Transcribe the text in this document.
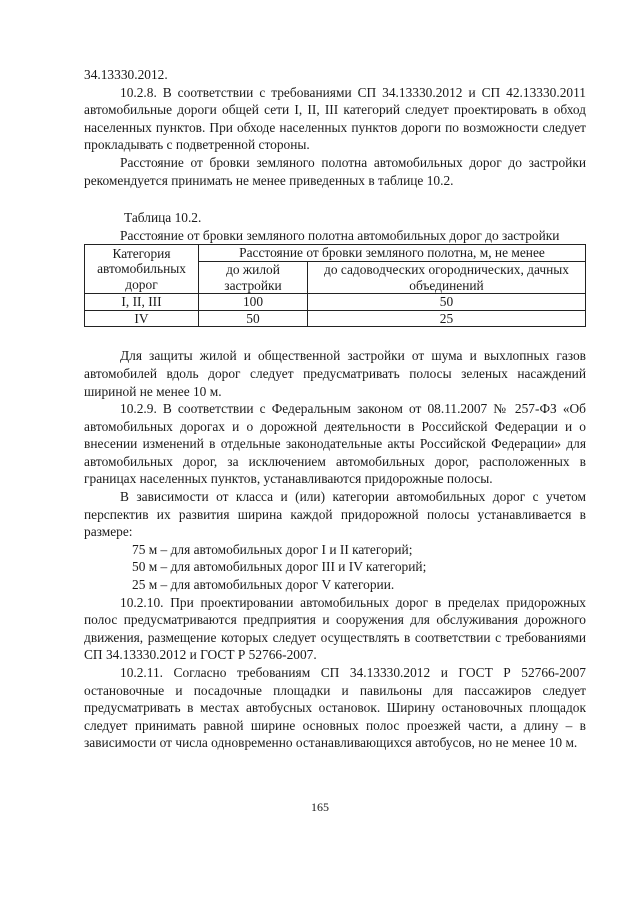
34.13330.2012.

10.2.8. В соответствии с требованиями СП 34.13330.2012 и СП 42.13330.2011 автомобильные дороги общей сети I, II, III категорий следует проектировать в обход населенных пунктов. При обходе населенных пунктов дороги по возможности следует прокладывать с подветренной стороны.

Расстояние от бровки земляного полотна автомобильных дорог до застройки рекомендуется принимать не менее приведенных в таблице 10.2.

Таблица 10.2.

Расстояние от бровки земляного полотна автомобильных дорог до застройки

Категория автомобильных дорог	Расстояние от бровки земляного полотна, м, не менее	
	до жилой застройки	до садоводческих огороднических, дачных объединений
I, II, III	100	50
IV	50	25

Для защиты жилой и общественной застройки от шума и выхлопных газов автомобилей вдоль дорог следует предусматривать полосы зеленых насаждений шириной не менее 10 м.

10.2.9. В соответствии с Федеральным законом от 08.11.2007 № 257-ФЗ «Об автомобильных дорогах и о дорожной деятельности в Российской Федерации и о внесении изменений в отдельные законодательные акты Российской Федерации» для автомобильных дорог, за исключением автомобильных дорог, расположенных в границах населенных пунктов, устанавливаются придорожные полосы.

В зависимости от класса и (или) категории автомобильных дорог с учетом перспектив их развития ширина каждой придорожной полосы устанавливается в размере:

75 м – для автомобильных дорог I и II категорий;

50 м – для автомобильных дорог III и IV категорий;

25 м – для автомобильных дорог V категории.

10.2.10. При проектировании автомобильных дорог в пределах придорожных полос предусматриваются предприятия и сооружения для обслуживания дорожного движения, размещение которых следует осуществлять в соответствии с требованиями СП 34.13330.2012 и ГОСТ Р 52766-2007.

10.2.11. Согласно требованиям СП 34.13330.2012 и ГОСТ Р 52766-2007 остановочные и посадочные площадки и павильоны для пассажиров следует предусматривать в местах автобусных остановок. Ширину остановочных площадок следует принимать равной ширине основных полос проезжей части, а длину – в зависимости от числа одновременно останавливающихся автобусов, но не менее 10 м.

165
